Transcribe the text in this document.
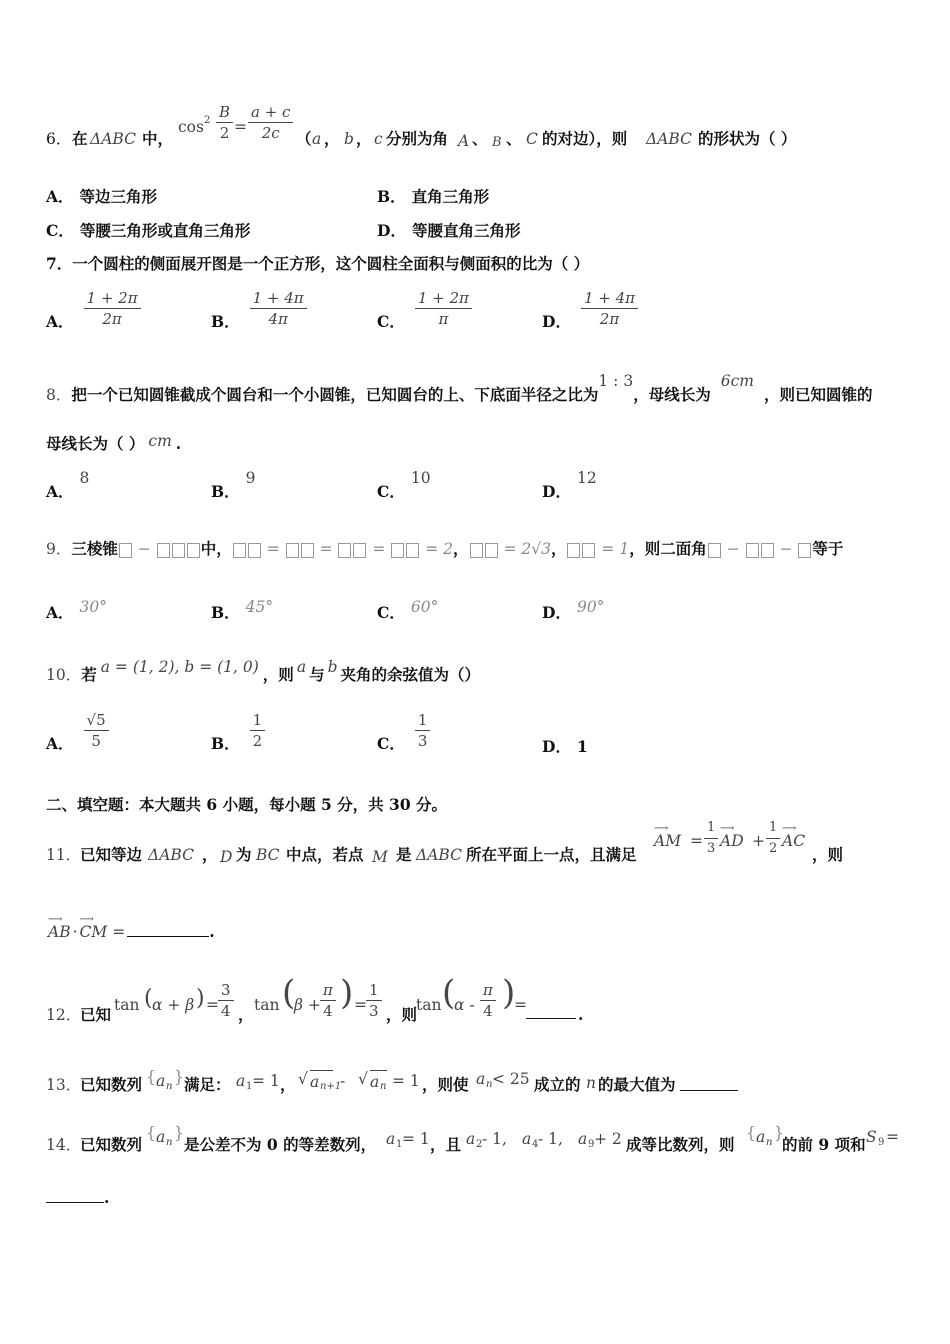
6． 在 ΔABC 中，
$\cos 2 \frac{B}{2} = \frac{a + c}{2c}$ （ a ， b ， c 分别为角 A 、 B 、 C 的对边），则 ΔABC 的形状为（ ）
A． 等边三角形	B． 直角三角形
C． 等腰三角形或直角三角形	D． 等腰直角三角形
7．一个圆柱的侧面展开图是一个正方形，这个圆柱全面积与侧面积的比为（ ）
A． $\frac{1 + 2\pi}{2\pi}$	B． $\frac{1 + 4\pi}{4\pi}$	C． $\frac{1 + 2\pi}{\pi}$	D． $\frac{1 + 4\pi}{2\pi}$
8．把一个已知圆锥截成个圆台和一个小圆锥，已知圆台的上、下底面半径之比为1 : 3，母线长为6cm，则已知圆锥的
母线长为（ ） cm .
A．8
B．9
C．10
D．12
9．三棱锥 −	中， =  =  =  = 2， = 2√3， = 1，则二面角 −  − 等于
A． 30°	B． 45°	C． 60°	D． 90°
10．若 a = (1, 2), b = (1, 0) ，则 a 与 b 夹角的余弦值为（）
A． $\frac{√5}{5}$	B． $\frac{1}{2}$	C． $\frac{1}{3}$	D． 1
二、填空题：本大题共 6 小题，每小题 5 分，共 30 分。
11．
已知等边 ΔABC ， D 为 BC 中点，若点 M 是 ΔABC 所在平面上一点，且满足
⟶
AM = $\frac{1}{3}$ ⟶
AD + $\frac{1}{2}$ ⟶
AC
，则
⟶
AB ·
⟶
CM =	.
12．
已知 tan ( α + β ) = $\frac{3}{4}$ ， tan (
$\beta + \frac{\pi}{4}$ ) = $\frac{1}{3}$ ，则
tan (
α - $\frac{\pi}{4}$ )
=	.
13．
已知数列 { a n
} 满足： a 1 = 1 ， √ a n+1
- √ a n = 1 ，则使 a n < 25 成立的 n 的最大值为
14．
已知数列
{ a n
}
是公差不为 0 的等差数列， a 1 = 1 ，且 a 2 - 1, a 4 - 1, a 9 + 2 成等比数列，则
{ a n
}
的前 9 项和 S 9 =
.
